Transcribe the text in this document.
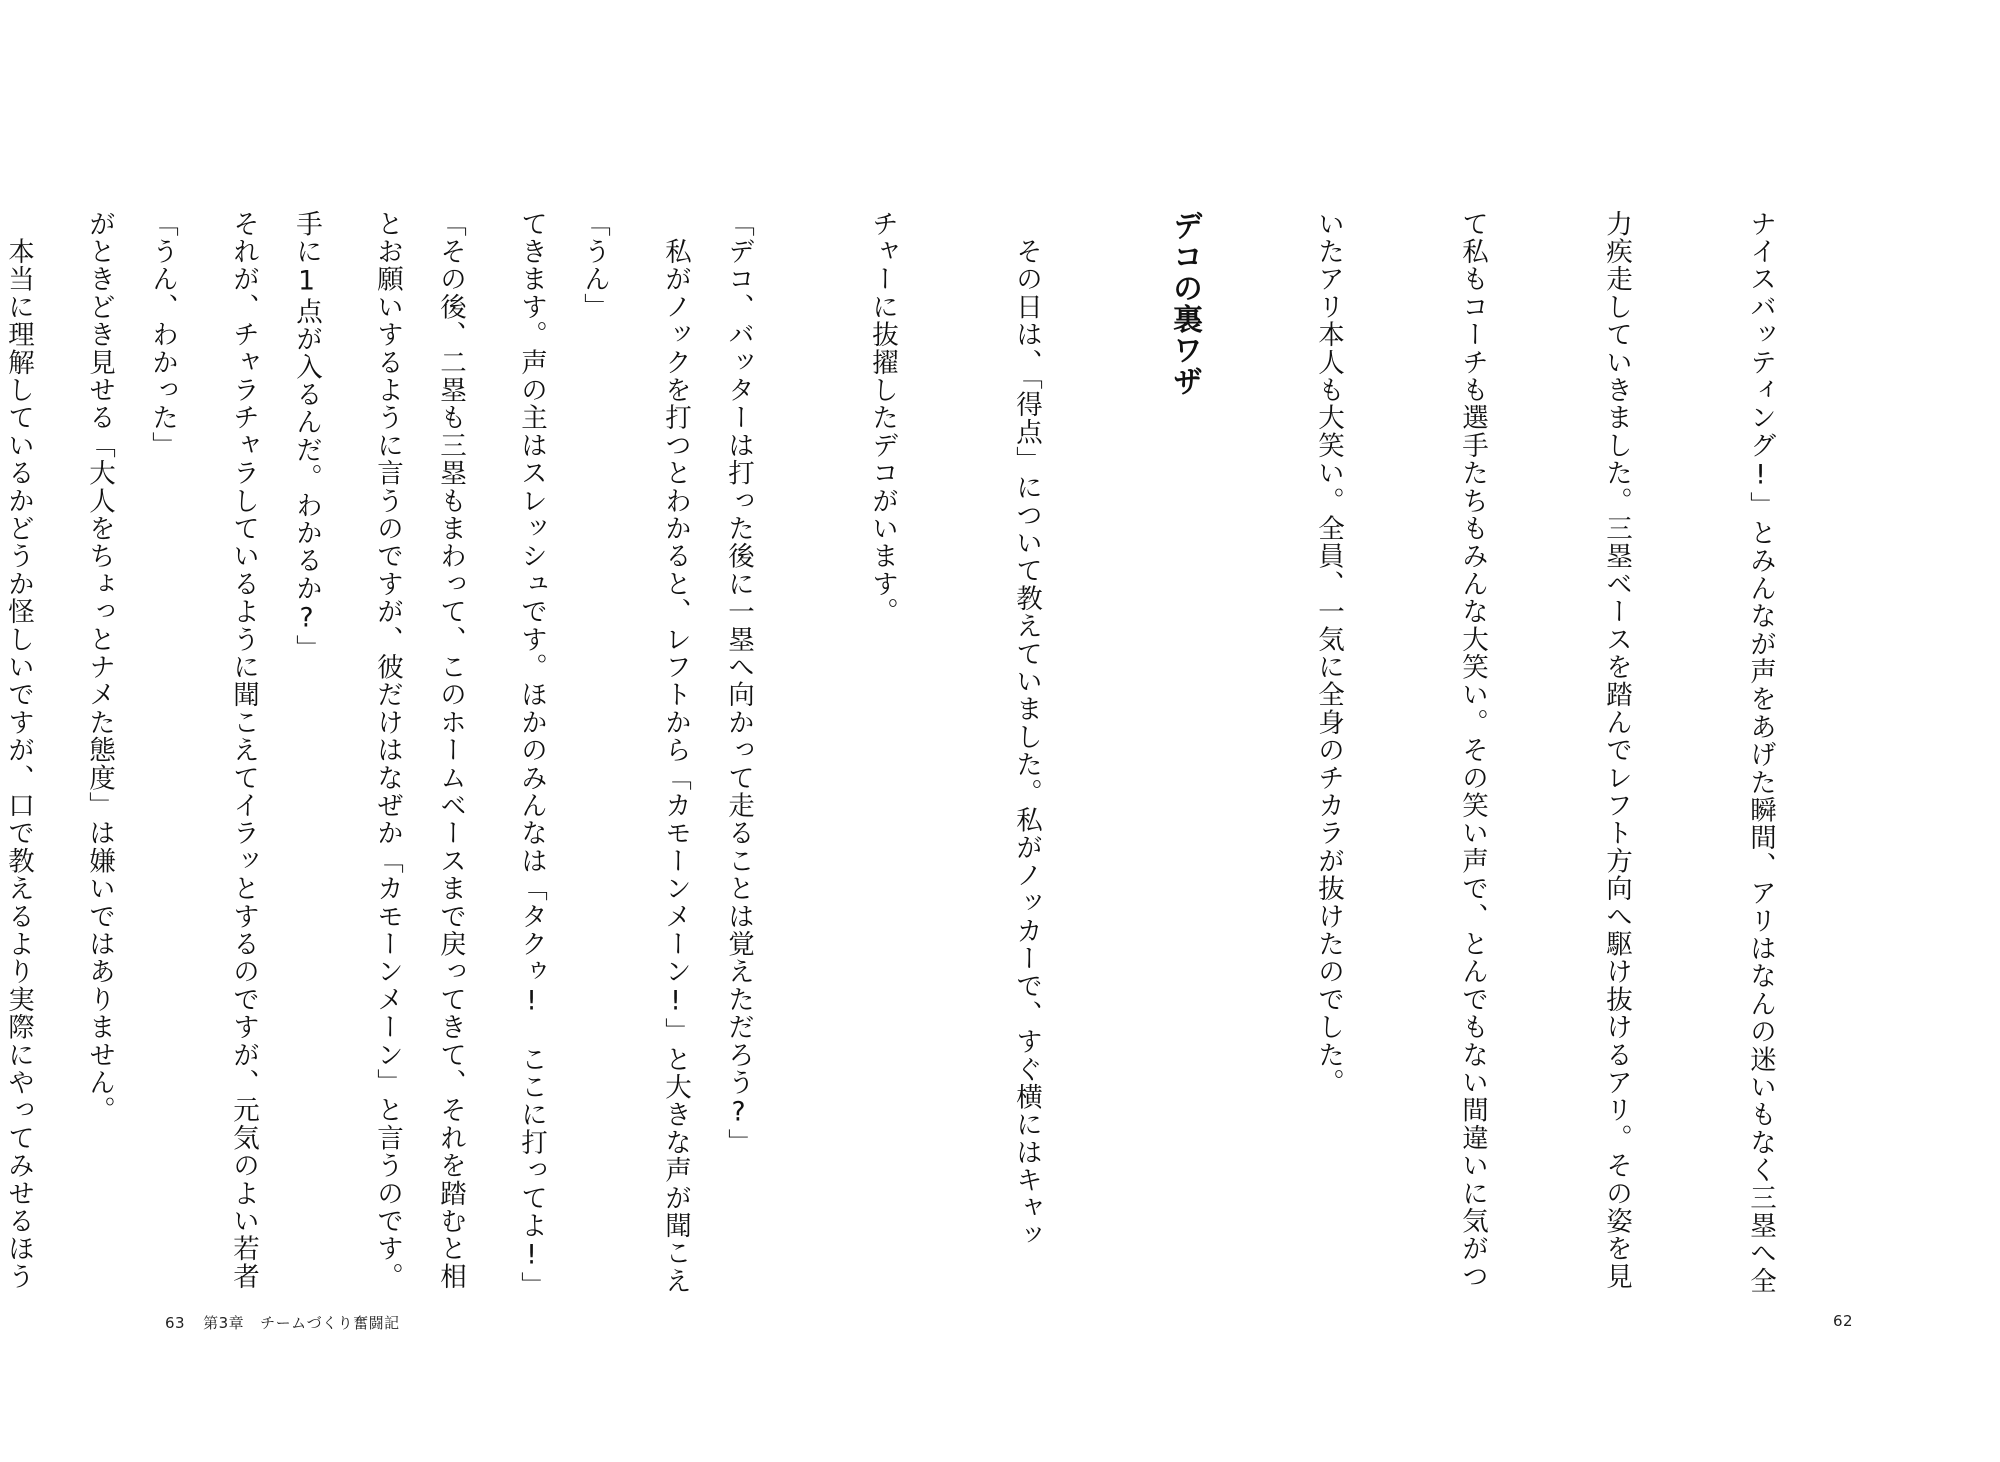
　私がノックを打つとわかると、レフトから「カモーンメーン!」と大きな声が聞こえ

てきます。声の主はスレッシュです。ほかのみんなは「タクゥ!　ここに打ってよ!」

とお願いするように言うのですが、彼だけはなぜか「カモーンメーン」と言うのです。

それが、チャラチャラしているように聞こえてイラッとするのですが、元気のよい若者

がときどき見せる「大人をちょっとナメた態度」は嫌いではありません。

63 第3章 チームづくり奮闘記

ナイスバッティング!」とみんなが声をあげた瞬間、アリはなんの迷いもなく三塁へ全

力疾走していきました。三塁ベースを踏んでレフト方向へ駆け抜けるアリ。その姿を見

て私もコーチも選手たちもみんな大笑い。その笑い声で、とんでもない間違いに気がつ

いたアリ本人も大笑い。全員、一気に全身のチカラが抜けたのでした。

デコの裏ワザ

　その日は、「得点」について教えていました。私がノッカーで、すぐ横にはキャッ

チャーに抜擢したデコがいます。

「デコ、バッターは打った後に一塁へ向かって走ることは覚えただろう?」

「うん」

「その後、二塁も三塁もまわって、このホームベースまで戻ってきて、それを踏むと相

手に1点が入るんだ。わかるか?」

「うん、わかった」

　本当に理解しているかどうか怪しいですが、口で教えるより実際にやってみせるほう

62
